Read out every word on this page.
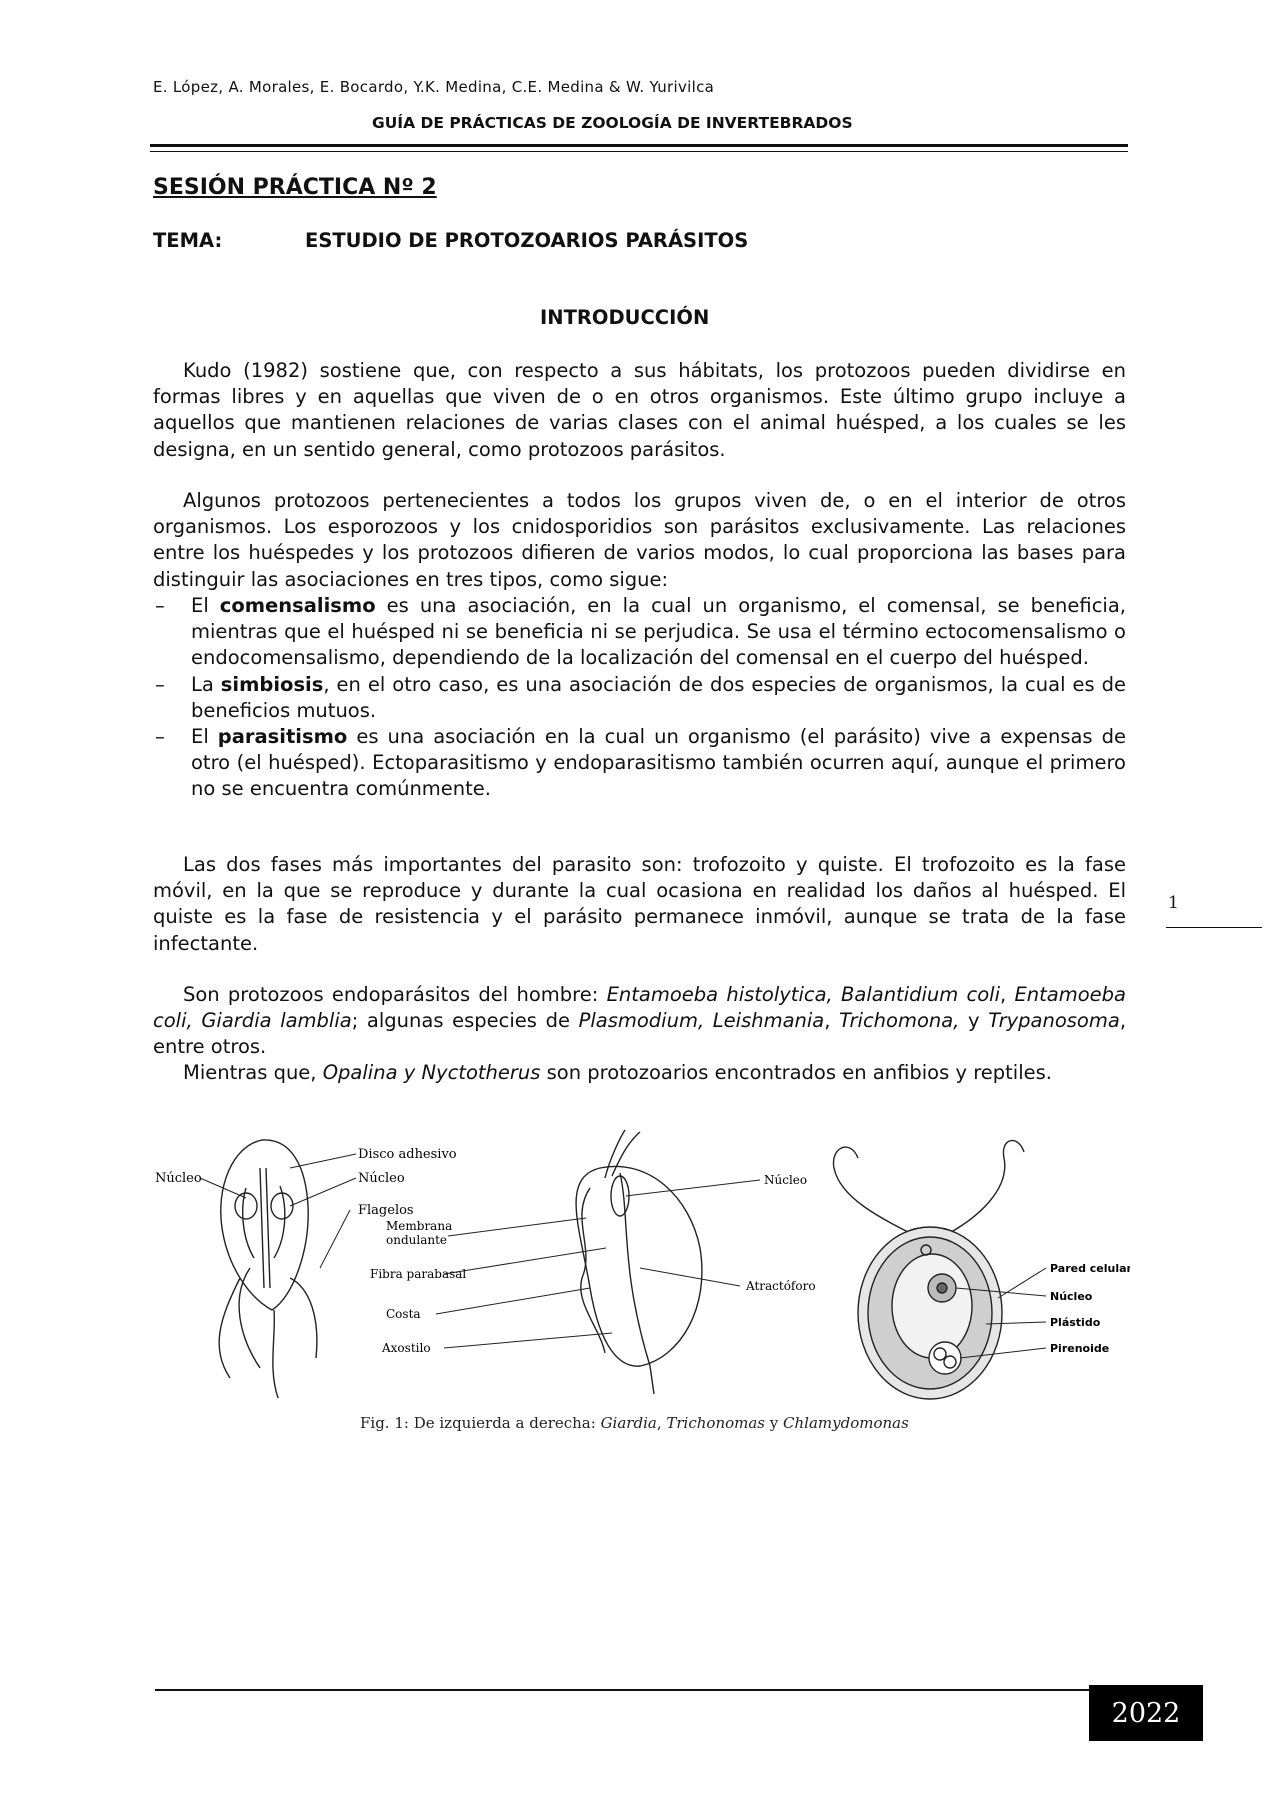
E. López, A. Morales, E. Bocardo, Y.K. Medina, C.E. Medina & W. Yurivilca
GUÍA DE PRÁCTICAS DE ZOOLOGÍA DE INVERTEBRADOS
SESIÓN PRÁCTICA Nº 2
TEMA:	ESTUDIO DE PROTOZOARIOS PARÁSITOS
INTRODUCCIÓN
Kudo (1982) sostiene que, con respecto a sus hábitats, los protozoos pueden dividirse en formas libres y en aquellas que viven de o en otros organismos. Este último grupo incluye a aquellos que mantienen relaciones de varias clases con el animal huésped, a los cuales se les designa, en un sentido general, como protozoos parásitos.
Algunos protozoos pertenecientes a todos los grupos viven de, o en el interior de otros organismos. Los esporozoos y los cnidosporidios son parásitos exclusivamente. Las relaciones entre los huéspedes y los protozoos difieren de varios modos, lo cual proporciona las bases para distinguir las asociaciones en tres tipos, como sigue:
– El comensalismo es una asociación, en la cual un organismo, el comensal, se beneficia, mientras que el huésped ni se beneficia ni se perjudica. Se usa el término ectocomensalismo o endocomensalismo, dependiendo de la localización del comensal en el cuerpo del huésped.
– La simbiosis, en el otro caso, es una asociación de dos especies de organismos, la cual es de beneficios mutuos.
– El parasitismo es una asociación en la cual un organismo (el parásito) vive a expensas de otro (el huésped). Ectoparasitismo y endoparasitismo también ocurren aquí, aunque el primero no se encuentra comúnmente.
Las dos fases más importantes del parasito son: trofozoito y quiste. El trofozoito es la fase móvil, en la que se reproduce y durante la cual ocasiona en realidad los daños al huésped. El quiste es la fase de resistencia y el parásito permanece inmóvil, aunque se trata de la fase infectante.
Son protozoos endoparásitos del hombre: Entamoeba histolytica, Balantidium coli, Entamoeba coli, Giardia lamblia; algunas especies de Plasmodium, Leishmania, Trichomona, y Trypanosoma, entre otros.
Mientras que, Opalina y Nyctotherus son protozoarios encontrados en anfibios y reptiles.
1
Disco adhesivo
Núcleo
Núcleo
Flagelos
Membrana
ondulante
Fibra parabasal
Costa
Axostilo
Núcleo
Atractóforo
Pared celular
Núcleo
Plástido
Pirenoide
Fig. 1: De izquierda a derecha: Giardia, Trichonomas y Chlamydomonas
2022
